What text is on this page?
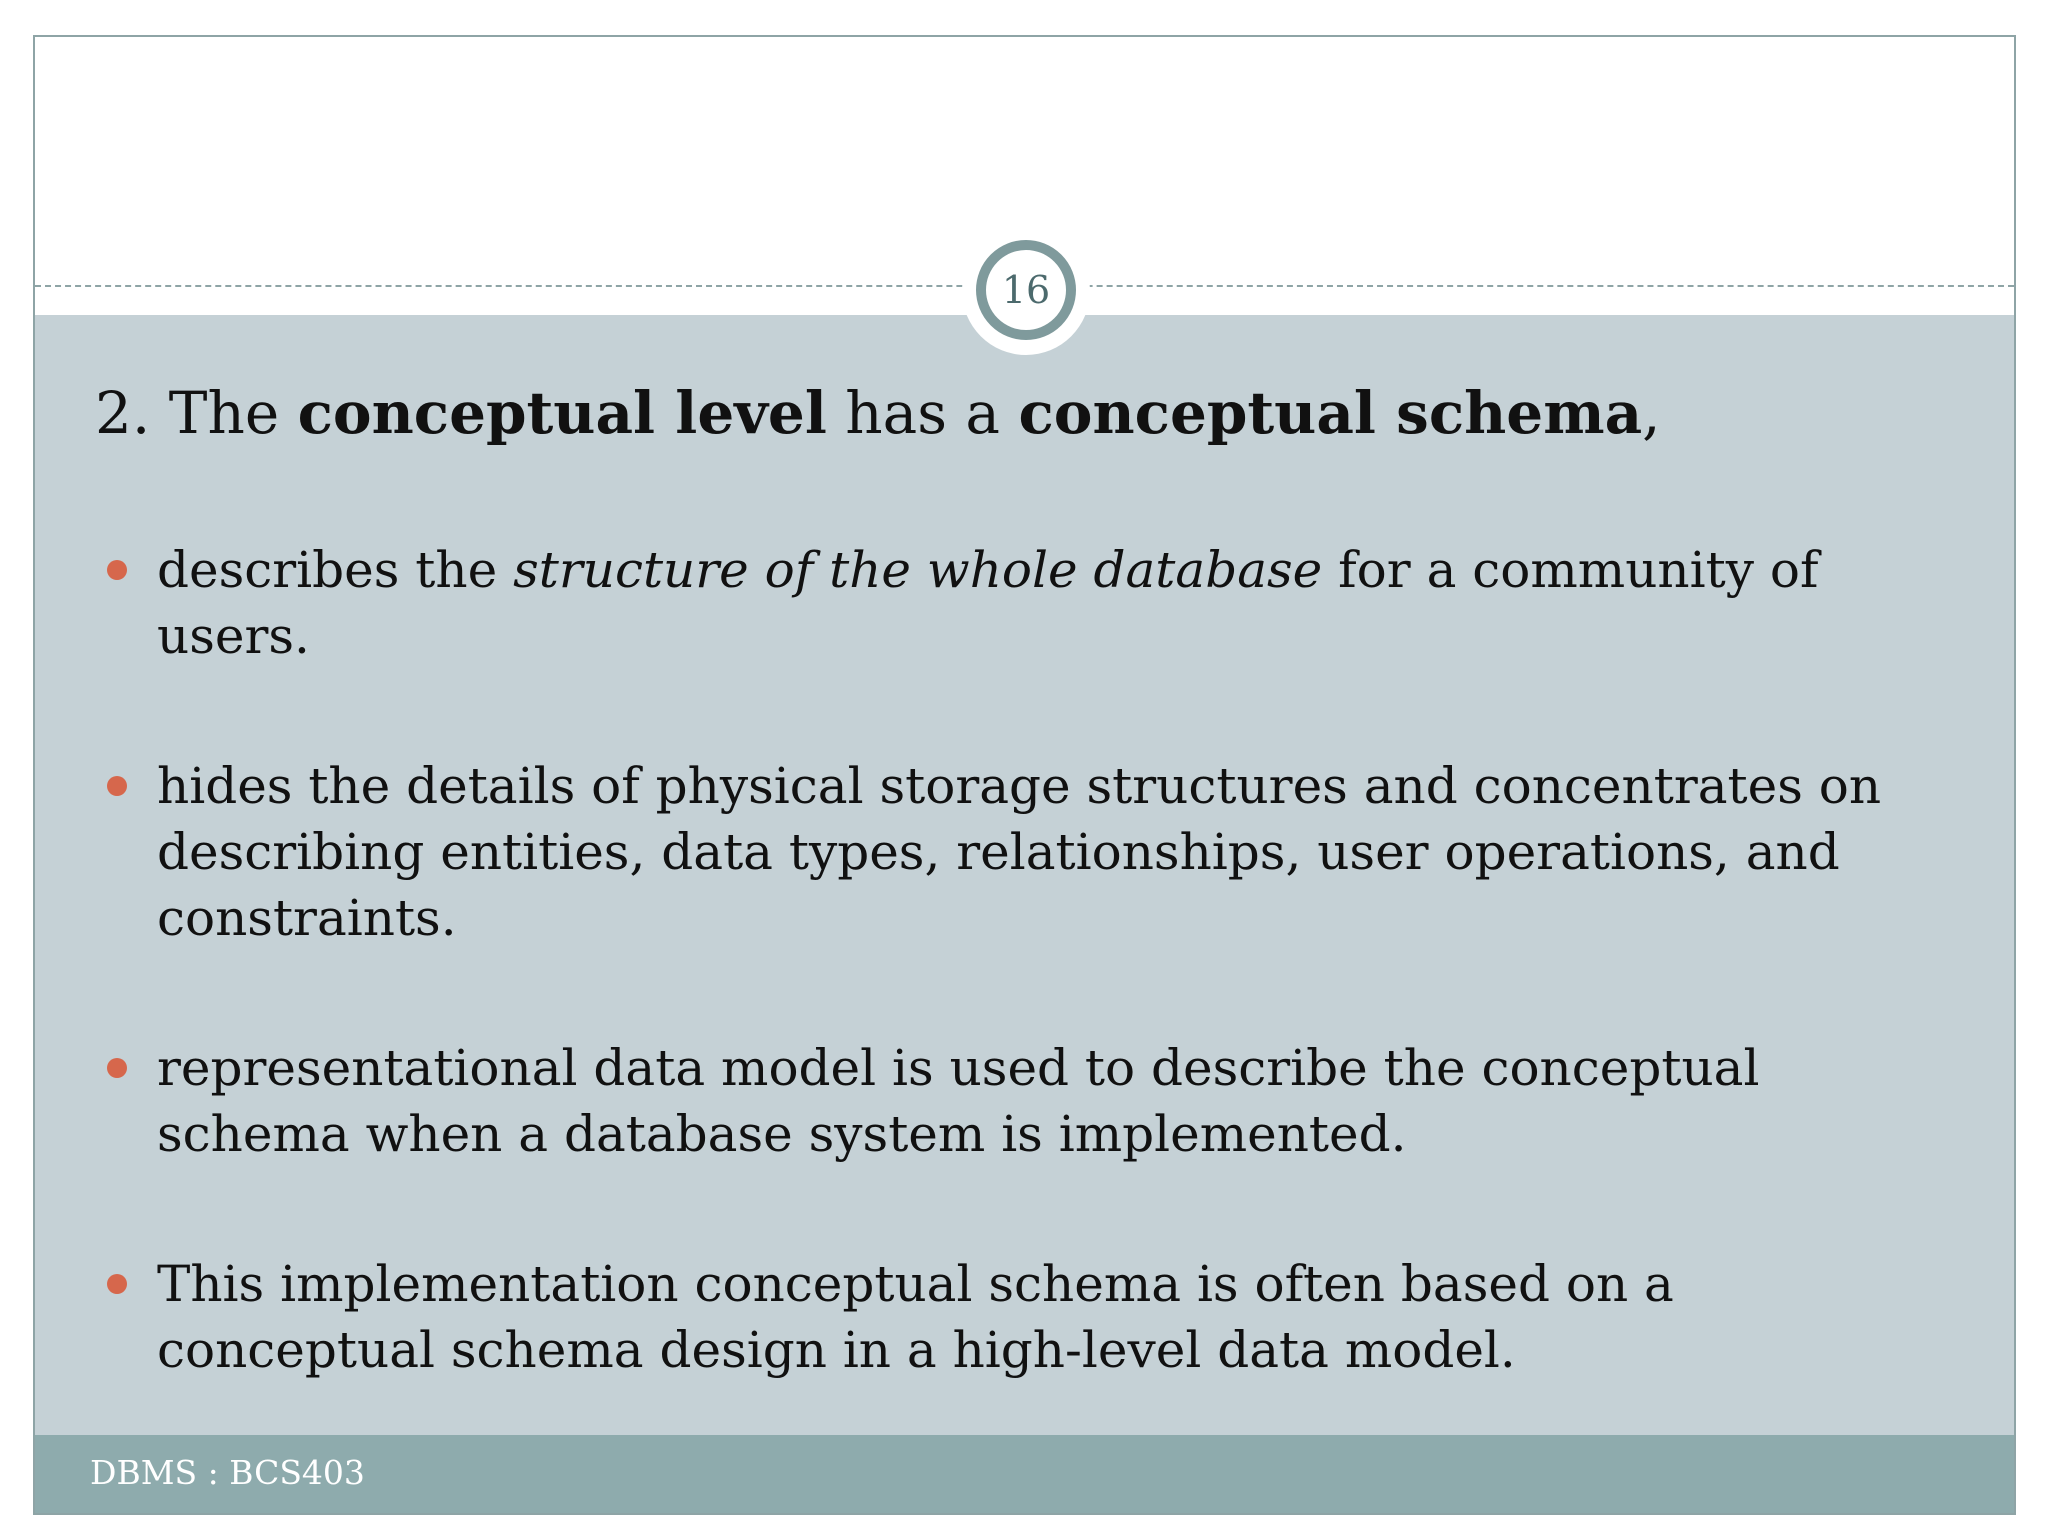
16
2. The conceptual level has a conceptual schema,
describes the structure of the whole database for a community of users.
hides the details of physical storage structures and concentrates on describing entities, data types, relationships, user operations, and constraints.
representational data model is used to describe the conceptual schema when a database system is implemented.
This implementation conceptual schema is often based on a conceptual schema design in a high-level data model.
DBMS : BCS403
